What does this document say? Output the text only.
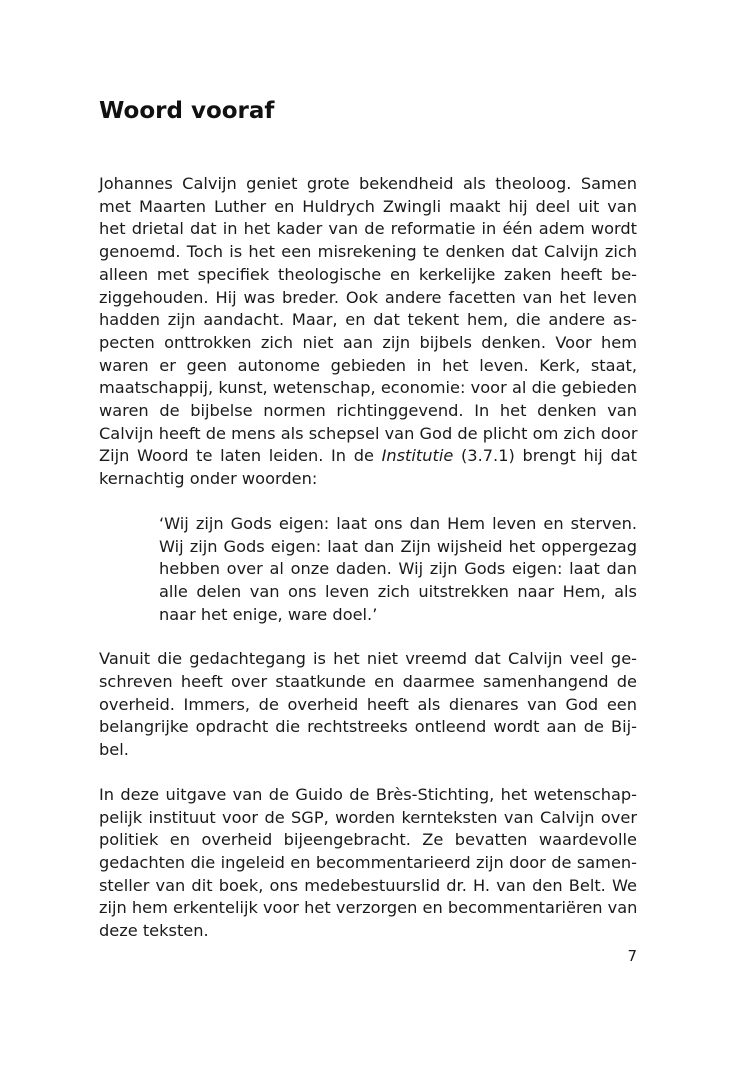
Woord vooraf

Johannes Calvijn geniet grote bekendheid als theoloog. Samen
met Maarten Luther en Huldrych Zwingli maakt hij deel uit van
het drietal dat in het kader van de reformatie in één adem wordt
genoemd. Toch is het een misrekening te denken dat Calvijn zich
alleen met specifiek theologische en kerkelijke zaken heeft be-
ziggehouden. Hij was breder. Ook andere facetten van het leven
hadden zijn aandacht. Maar, en dat tekent hem, die andere as-
pecten onttrokken zich niet aan zijn bijbels denken. Voor hem
waren er geen autonome gebieden in het leven. Kerk, staat,
maatschappij, kunst, wetenschap, economie: voor al die gebieden
waren de bijbelse normen richtinggevend. In het denken van
Calvijn heeft de mens als schepsel van God de plicht om zich door
Zijn Woord te laten leiden. In de Institutie (3.7.1) brengt hij dat
kernachtig onder woorden:

‘Wij zijn Gods eigen: laat ons dan Hem leven en sterven.
Wij zijn Gods eigen: laat dan Zijn wijsheid het oppergezag
hebben over al onze daden. Wij zijn Gods eigen: laat dan
alle delen van ons leven zich uitstrekken naar Hem, als
naar het enige, ware doel.’

Vanuit die gedachtegang is het niet vreemd dat Calvijn veel ge-
schreven heeft over staatkunde en daarmee samenhangend de
overheid. Immers, de overheid heeft als dienares van God een
belangrijke opdracht die rechtstreeks ontleend wordt aan de Bij-
bel.

In deze uitgave van de Guido de Brès-Stichting, het wetenschap-
pelijk instituut voor de SGP, worden kernteksten van Calvijn over
politiek en overheid bijeengebracht. Ze bevatten waardevolle
gedachten die ingeleid en becommentarieerd zijn door de samen-
steller van dit boek, ons medebestuurslid dr. H. van den Belt. We
zijn hem erkentelijk voor het verzorgen en becommentariëren van
deze teksten.

7
